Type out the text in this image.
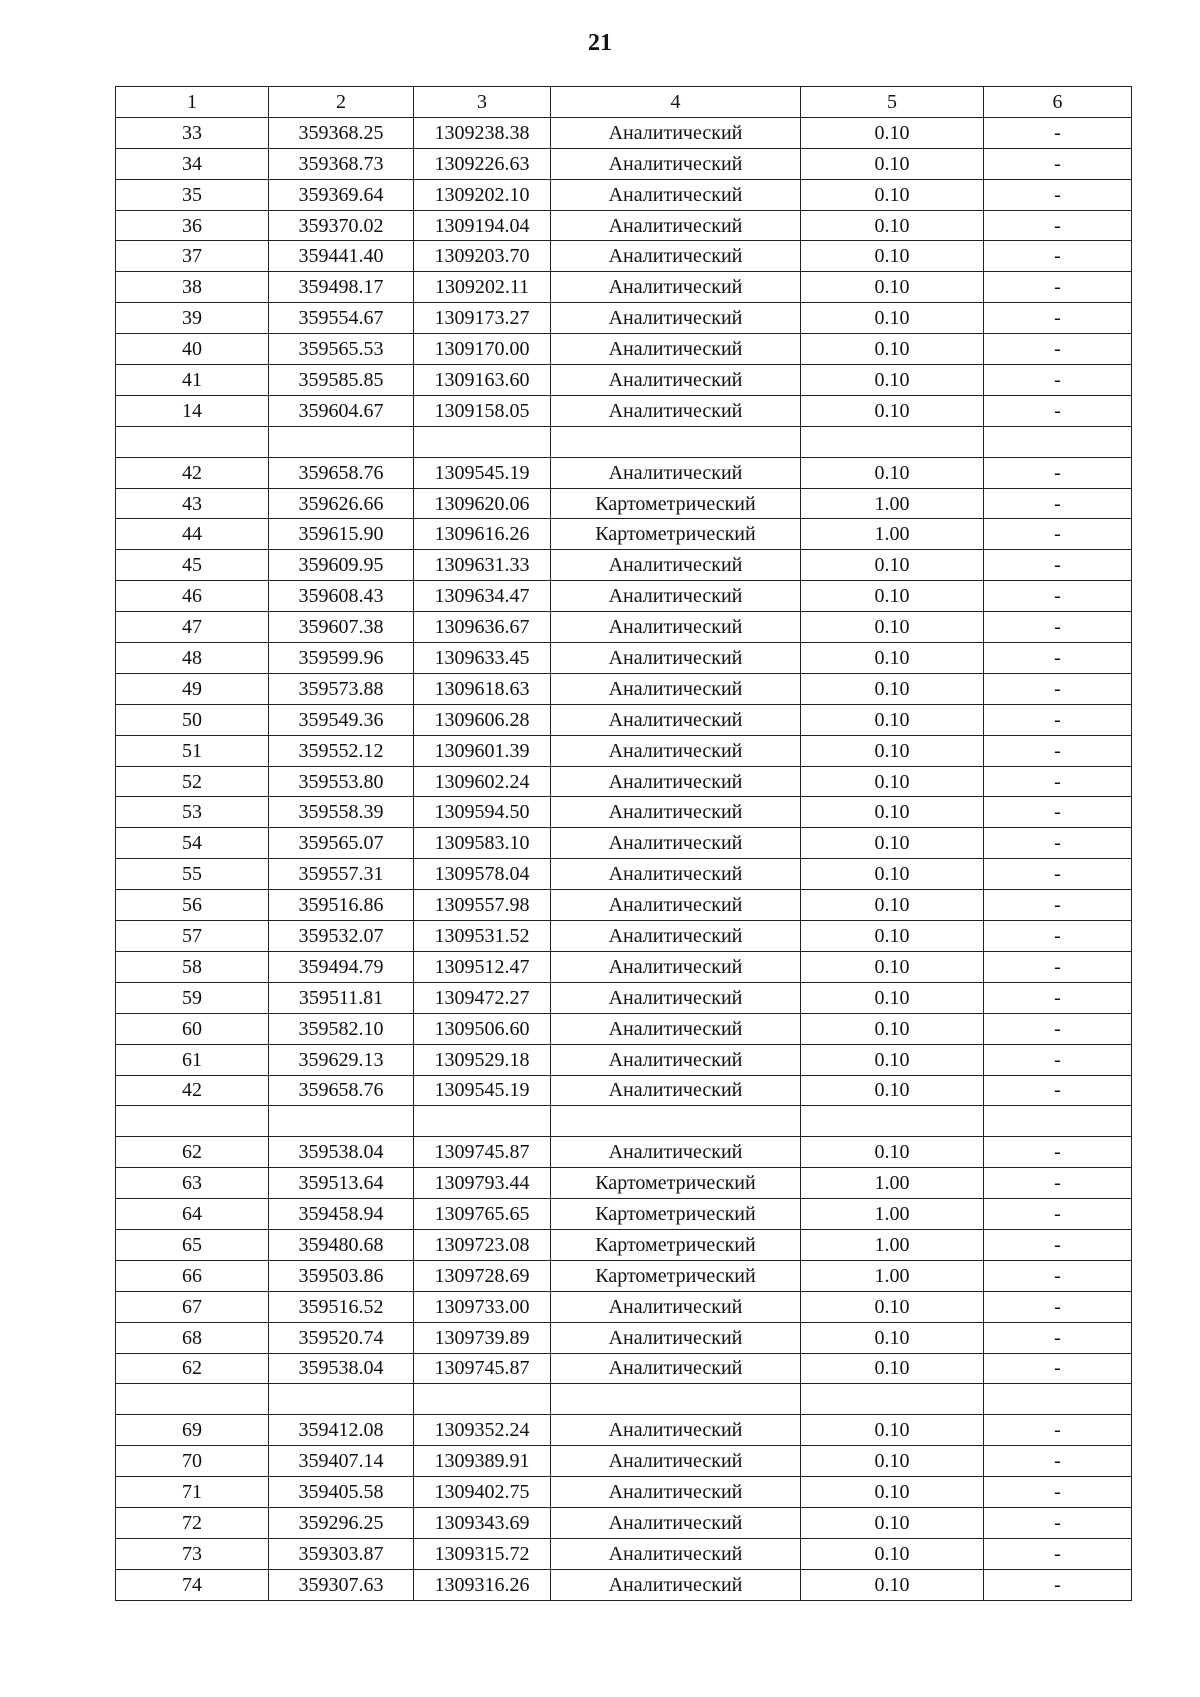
21
1	2	3	4	5	6
33	359368.25	1309238.38	Аналитический	0.10	-
34	359368.73	1309226.63	Аналитический	0.10	-
35	359369.64	1309202.10	Аналитический	0.10	-
36	359370.02	1309194.04	Аналитический	0.10	-
37	359441.40	1309203.70	Аналитический	0.10	-
38	359498.17	1309202.11	Аналитический	0.10	-
39	359554.67	1309173.27	Аналитический	0.10	-
40	359565.53	1309170.00	Аналитический	0.10	-
41	359585.85	1309163.60	Аналитический	0.10	-
14	359604.67	1309158.05	Аналитический	0.10	-

42	359658.76	1309545.19	Аналитический	0.10	-
43	359626.66	1309620.06	Картометрический	1.00	-
44	359615.90	1309616.26	Картометрический	1.00	-
45	359609.95	1309631.33	Аналитический	0.10	-
46	359608.43	1309634.47	Аналитический	0.10	-
47	359607.38	1309636.67	Аналитический	0.10	-
48	359599.96	1309633.45	Аналитический	0.10	-
49	359573.88	1309618.63	Аналитический	0.10	-
50	359549.36	1309606.28	Аналитический	0.10	-
51	359552.12	1309601.39	Аналитический	0.10	-
52	359553.80	1309602.24	Аналитический	0.10	-
53	359558.39	1309594.50	Аналитический	0.10	-
54	359565.07	1309583.10	Аналитический	0.10	-
55	359557.31	1309578.04	Аналитический	0.10	-
56	359516.86	1309557.98	Аналитический	0.10	-
57	359532.07	1309531.52	Аналитический	0.10	-
58	359494.79	1309512.47	Аналитический	0.10	-
59	359511.81	1309472.27	Аналитический	0.10	-
60	359582.10	1309506.60	Аналитический	0.10	-
61	359629.13	1309529.18	Аналитический	0.10	-
42	359658.76	1309545.19	Аналитический	0.10	-

62	359538.04	1309745.87	Аналитический	0.10	-
63	359513.64	1309793.44	Картометрический	1.00	-
64	359458.94	1309765.65	Картометрический	1.00	-
65	359480.68	1309723.08	Картометрический	1.00	-
66	359503.86	1309728.69	Картометрический	1.00	-
67	359516.52	1309733.00	Аналитический	0.10	-
68	359520.74	1309739.89	Аналитический	0.10	-
62	359538.04	1309745.87	Аналитический	0.10	-

69	359412.08	1309352.24	Аналитический	0.10	-
70	359407.14	1309389.91	Аналитический	0.10	-
71	359405.58	1309402.75	Аналитический	0.10	-
72	359296.25	1309343.69	Аналитический	0.10	-
73	359303.87	1309315.72	Аналитический	0.10	-
74	359307.63	1309316.26	Аналитический	0.10	-
